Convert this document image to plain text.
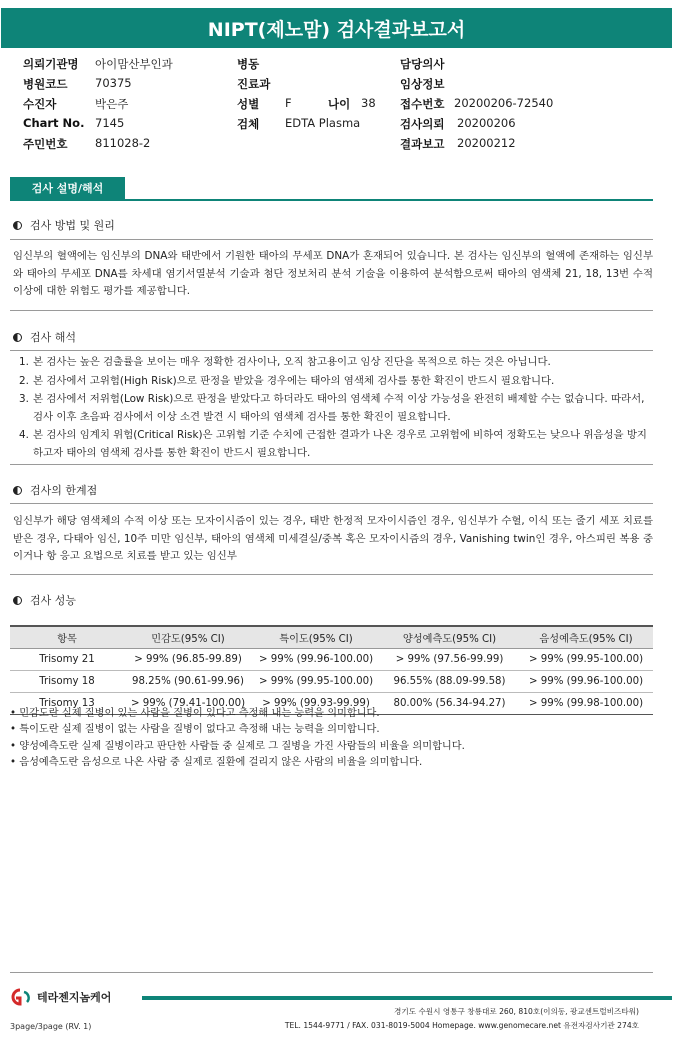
NIPT(제노맘) 검사결과보고서
의뢰기관명 아이맘산부인과	병동	담당의사
병원코드 70375	진료과	임상정보
수진자	박은주	성별 F	나이 38 접수번호 20200206-72540
Chart No. 7145	검체 EDTA Plasma	검사의뢰 20200206
주민번호 811028-2	결과보고 20200212
검사 설명/해석
검사 방법 및 원리
임신부의 혈액에는 임신부의 DNA와 태반에서 기원한 태아의 무세포 DNA가 혼재되어 있습니다. 본 검사는 임신부의 혈액에 존재하는 임신부와 태아의 무세포 DNA를 차세대 염기서열분석 기술과 첨단 정보처리 분석 기술을 이용하여 분석함으로써 태아의 염색체 21, 18, 13번 수적 이상에 대한 위험도 평가를 제공합니다.
검사 해석
1. 본 검사는 높은 검출률을 보이는 매우 정확한 검사이나, 오직 참고용이고 임상 진단을 목적으로 하는 것은 아닙니다.
2. 본 검사에서 고위험(High Risk)으로 판정을 받았을 경우에는 태아의 염색체 검사를 통한 확진이 반드시 필요합니다.
3. 본 검사에서 저위험(Low Risk)으로 판정을 받았다고 하더라도 태아의 염색체 수적 이상 가능성을 완전히 배제할 수는 없습니다. 따라서, 검사 이후 초음파 검사에서 이상 소견 발견 시 태아의 염색체 검사를 통한 확진이 필요합니다.
4. 본 검사의 임계치 위험(Critical Risk)은 고위험 기준 수치에 근접한 결과가 나온 경우로 고위험에 비하여 정확도는 낮으나 위음성을 방지하고자 태아의 염색체 검사를 통한 확진이 반드시 필요합니다.
검사의 한계점
임신부가 해당 염색체의 수적 이상 또는 모자이시즘이 있는 경우, 태반 한정적 모자이시즘인 경우, 임신부가 수혈, 이식 또는 줄기 세포 치료를 받은 경우, 다태아 임신, 10주 미만 임신부, 태아의 염색체 미세결실/중복 혹은 모자이시즘의 경우, Vanishing twin인 경우, 아스피린 복용 중이거나 항 응고 요법으로 치료를 받고 있는 임신부
검사 성능
항목	민감도(95% CI)	특이도(95% CI)	양성예측도(95% CI)	음성예측도(95% CI)
Trisomy 21	> 99% (96.85-99.89)	> 99% (99.96-100.00)	> 99% (97.56-99.99)	> 99% (99.95-100.00)
Trisomy 18	98.25% (90.61-99.96)	> 99% (99.95-100.00)	96.55% (88.09-99.58)	> 99% (99.96-100.00)
Trisomy 13	> 99% (79.41-100.00)	> 99% (99.93-99.99)	80.00% (56.34-94.27)	> 99% (99.98-100.00)
• 민감도란 실제 질병이 있는 사람을 질병이 있다고 측정해 내는 능력을 의미합니다.
• 특이도란 실제 질병이 없는 사람을 질병이 없다고 측정해 내는 능력을 의미합니다.
• 양성예측도란 실제 질병이라고 판단한 사람들 중 실제로 그 질병을 가진 사람들의 비율을 의미합니다.
• 음성예측도란 음성으로 나온 사람 중 실제로 질환에 걸리지 않은 사람의 비율을 의미합니다.
테라젠지놈케어
경기도 수원시 영통구 창룡대로 260, 810호(이의동, 광교센트럴비즈타워)
TEL. 1544-9771 / FAX. 031-8019-5004 Homepage. www.genomecare.net 유전자검사기관 274호
3page/3page (RV. 1)
